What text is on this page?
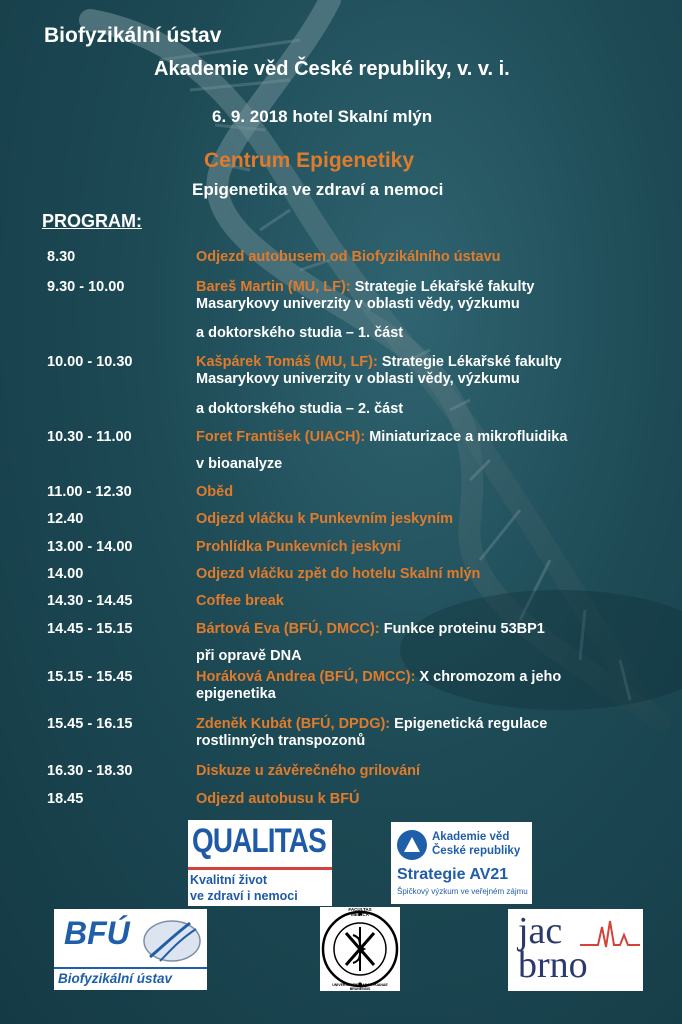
Biofyzikální ústav
Akademie věd České republiky, v. v. i.
6. 9. 2018 hotel Skalní mlýn
Centrum Epigenetiky
Epigenetika ve zdraví a nemoci
PROGRAM:
8.30	Odjezd autobusem od Biofyzikálního ústavu
9.30 - 10.00	Bareš Martin (MU, LF): Strategie Lékařské fakulty Masarykovy univerzity v oblasti vědy, výzkumu
a doktorského studia – 1. část
10.00 - 10.30	Kašpárek Tomáš (MU, LF): Strategie Lékařské fakulty Masarykovy univerzity v oblasti vědy, výzkumu
a doktorského studia – 2. část
10.30 - 11.00	Foret František (UIACH): Miniaturizace a mikrofluidika
v bioanalyze
11.00 - 12.30	Oběd
12.40	Odjezd vláčku k Punkevním jeskyním
13.00 - 14.00	Prohlídka Punkevních jeskyní
14.00	Odjezd vláčku zpět do hotelu Skalní mlýn
14.30 - 14.45	Coffee break
14.45 - 15.15	Bártová Eva (BFÚ, DMCC): Funkce proteinu 53BP1
při opravě DNA
15.15 - 15.45	Horáková Andrea (BFÚ, DMCC): X chromozom a jeho epigenetika
15.45 - 16.15	Zdeněk Kubát (BFÚ, DPDG): Epigenetická regulace rostlinných transpozonů
16.30 - 18.30	Diskuze u závěrečného grilování
18.45	Odjezd autobusu k BFÚ
QUALITAS
Kvalitní život
ve zdraví i nemoci
Akademie věd
České republiky
Strategie AV21
Špičkový výzkum ve veřejném zájmu
BFÚ
Biofyzikální ústav
FACULTAS MEDICA
UNIVERSITATIS MASARYKIANAE BRUNENSIS
jac
brno
